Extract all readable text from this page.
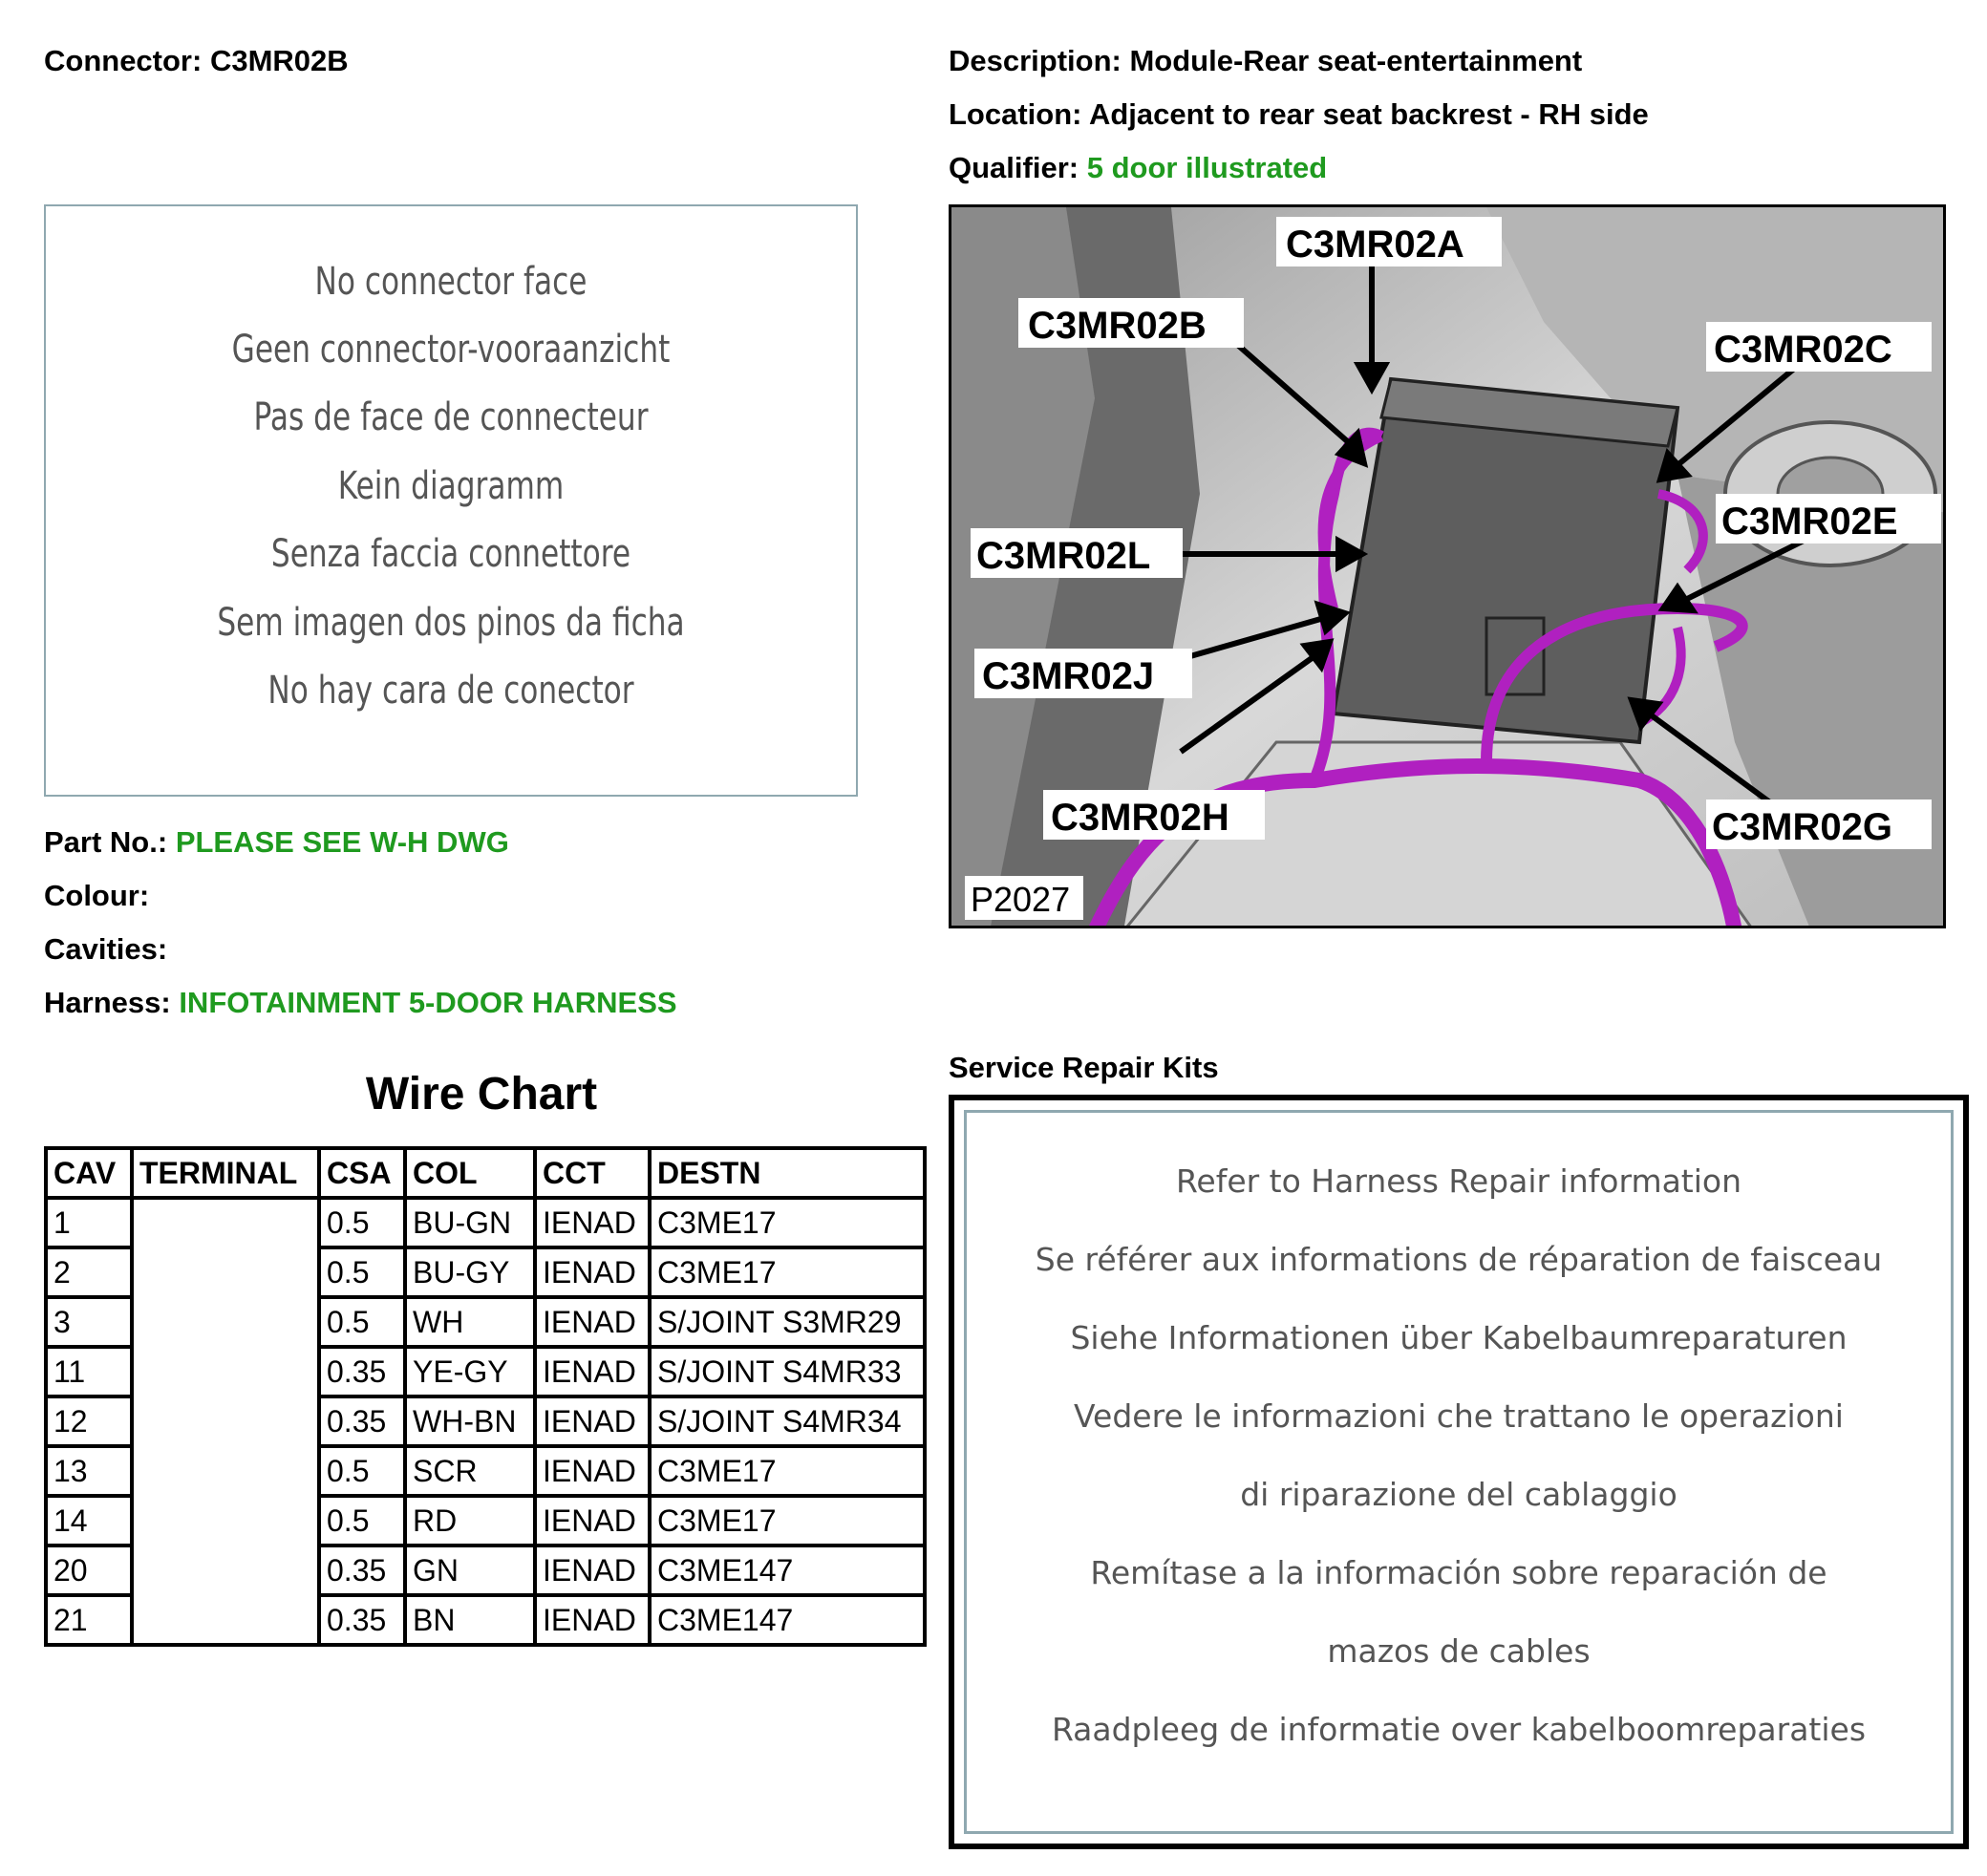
Connector: C3MR02B	Description: Module-Rear seat-entertainment
Location: Adjacent to rear seat backrest - RH side
Qualifier: 5 door illustrated
No connector face
Geen connector-vooraanzicht
Pas de face de connecteur
Kein diagramm
Senza faccia connettore
Sem imagen dos pinos da ficha
No hay cara de conector
C3MR02A
C3MR02B
C3MR02C
C3MR02L
C3MR02E
C3MR02J
C3MR02H	C3MR02G
P2027
Part No.: PLEASE SEE W-H DWG
Colour:
Cavities:
Harness: INFOTAINMENT 5-DOOR HARNESS
Wire Chart
CAV	TERMINAL	CSA	COL	CCT	DESTN
1		0.5	BU-GN	IENAD	C3ME17
2		0.5	BU-GY	IENAD	C3ME17
3		0.5	WH	IENAD	S/JOINT S3MR29
11		0.35	YE-GY	IENAD	S/JOINT S4MR33
12		0.35	WH-BN	IENAD	S/JOINT S4MR34
13		0.5	SCR	IENAD	C3ME17
14		0.5	RD	IENAD	C3ME17
20		0.35	GN	IENAD	C3ME147
21		0.35	BN	IENAD	C3ME147
Service Repair Kits
Refer to Harness Repair information
Se référer aux informations de réparation de faisceau
Siehe Informationen über Kabelbaumreparaturen
Vedere le informazioni che trattano le operazioni
di riparazione del cablaggio
Remítase a la información sobre reparación de
mazos de cables
Raadpleeg de informatie over kabelboomreparaties
